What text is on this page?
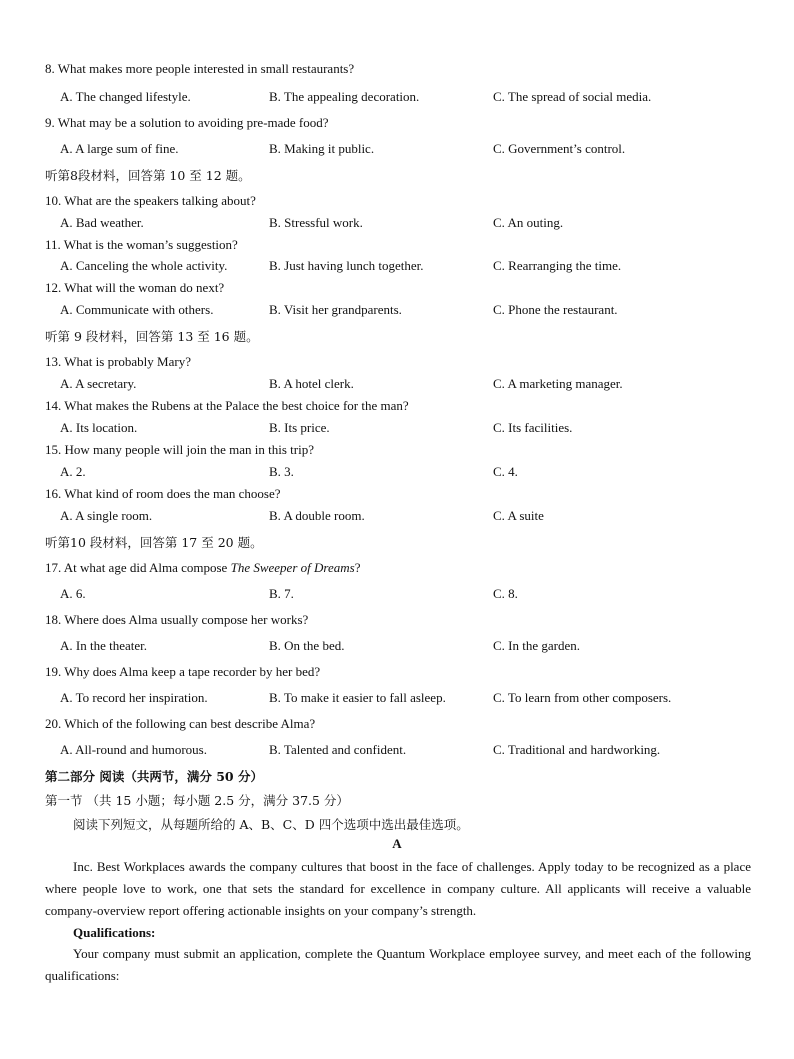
8. What makes more people interested in small restaurants?
A. The changed lifestyle.	B. The appealing decoration.	C. The spread of social media.
9. What may be a solution to avoiding pre-made food?
A. A large sum of fine.	B. Making it public.	C. Government’s control.
听第8段材料，回答第 10 至 12 题。
10. What are the speakers talking about?
A. Bad weather.	B. Stressful work.	C. An outing.
11. What is the woman’s suggestion?
A. Canceling the whole activity.	B. Just having lunch together.	C. Rearranging the time.
12. What will the woman do next?
A. Communicate with others.	B. Visit her grandparents.	C. Phone the restaurant.
听第 9 段材料，回答第 13 至 16 题。
13. What is probably Mary?
A. A secretary.	B. A hotel clerk.	C. A marketing manager.
14. What makes the Rubens at the Palace the best choice for the man?
A. Its location.	B. Its price.	C. Its facilities.
15. How many people will join the man in this trip?
A. 2.	B. 3.	C. 4.
16. What kind of room does the man choose?
A. A single room.	B. A double room.	C. A suite
听第10 段材料，回答第 17 至 20 题。
17. At what age did Alma compose The Sweeper of Dreams?
A. 6.	B. 7.	C. 8.
18. Where does Alma usually compose her works?
A. In the theater.	B. On the bed.	C. In the garden.
19. Why does Alma keep a tape recorder by her bed?
A. To record her inspiration.	B. To make it easier to fall asleep.	C. To learn from other composers.
20. Which of the following can best describe Alma?
A. All-round and humorous.	B. Talented and confident.	C. Traditional and hardworking.
第二部分 阅读（共两节，满分 50 分）
第一节 （共 15 小题；每小题 2.5 分，满分 37.5 分）
阅读下列短文，从每题所给的 A、B、C、D 四个选项中选出最佳选项。
A
Inc. Best Workplaces awards the company cultures that boost in the face of challenges. Apply today to be recognized as a place where people love to work, one that sets the standard for excellence in company culture. All applicants will receive a valuable company-overview report offering actionable insights on your company’s strength.
Qualifications:
Your company must submit an application, complete the Quantum Workplace employee survey, and meet each of the following qualifications:
